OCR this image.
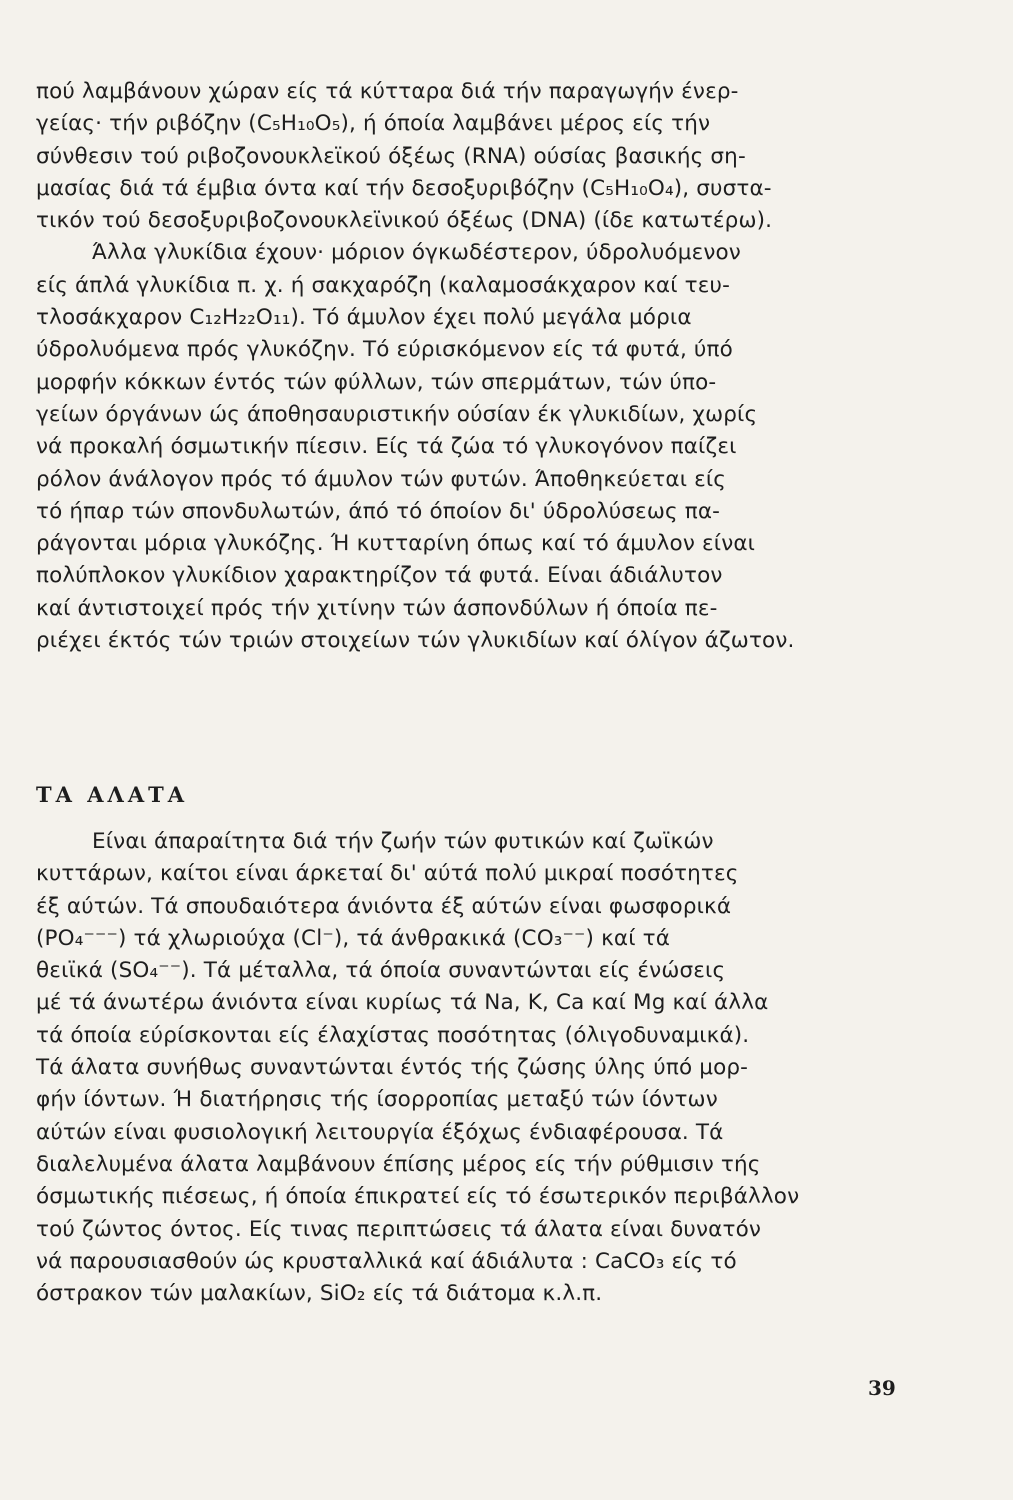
πού λαμβάνουν χώραν είς τά κύτταρα διά τήν παραγωγήν ένερ-
γείας· τήν ριβόζην (C₅H₁₀O₅), ή όποία λαμβάνει μέρος είς τήν
σύνθεσιν τού ριβοζονουκλεϊκού όξέως (RNA) ούσίας βασικής ση-
μασίας διά τά έμβια όντα καί τήν δεσοξυριβόζην (C₅H₁₀O₄), συστα-
τικόν τού δεσοξυριβοζονουκλεϊνικού όξέως (DNA) (ίδε κατωτέρω).
Άλλα γλυκίδια έχουν· μόριον όγκωδέστερον, ύδρολυόμενον
είς άπλά γλυκίδια π. χ. ή σακχαρόζη (καλαμοσάκχαρον καί τευ-
τλοσάκχαρον C₁₂H₂₂O₁₁). Τό άμυλον έχει πολύ μεγάλα μόρια
ύδρολυόμενα πρός γλυκόζην. Τό εύρισκόμενον είς τά φυτά, ύπό
μορφήν κόκκων έντός τών φύλλων, τών σπερμάτων, τών ύπο-
γείων όργάνων ώς άποθησαυριστικήν ούσίαν έκ γλυκιδίων, χωρίς
νά προκαλή όσμωτικήν πίεσιν. Είς τά ζώα τό γλυκογόνον παίζει
ρόλον άνάλογον πρός τό άμυλον τών φυτών. Άποθηκεύεται είς
τό ήπαρ τών σπονδυλωτών, άπό τό όποίον δι' ύδρολύσεως πα-
ράγονται μόρια γλυκόζης. Ή κυτταρίνη όπως καί τό άμυλον είναι
πολύπλοκον γλυκίδιον χαρακτηρίζον τά φυτά. Είναι άδιάλυτον
καί άντιστοιχεί πρός τήν χιτίνην τών άσπονδύλων ή όποία πε-
ριέχει έκτός τών τριών στοιχείων τών γλυκιδίων καί όλίγον άζωτον.
ΤΑ ΑΛΑΤΑ
Είναι άπαραίτητα διά τήν ζωήν τών φυτικών καί ζωϊκών
κυττάρων, καίτοι είναι άρκεταί δι' αύτά πολύ μικραί ποσότητες
έξ αύτών. Τά σπουδαιότερα άνιόντα έξ αύτών είναι φωσφορικά
(PO₄⁻⁻⁻) τά χλωριούχα (Cl⁻), τά άνθρακικά (CO₃⁻⁻) καί τά
θειϊκά (SO₄⁻⁻). Τά μέταλλα, τά όποία συναντώνται είς ένώσεις
μέ τά άνωτέρω άνιόντα είναι κυρίως τά Na, K, Ca καί Mg καί άλλα
τά όποία εύρίσκονται είς έλαχίστας ποσότητας (όλιγοδυναμικά).
Τά άλατα συνήθως συναντώνται έντός τής ζώσης ύλης ύπό μορ-
φήν ίόντων. Ή διατήρησις τής ίσορροπίας μεταξύ τών ίόντων
αύτών είναι φυσιολογική λειτουργία έξόχως ένδιαφέρουσα. Τά
διαλελυμένα άλατα λαμβάνουν έπίσης μέρος είς τήν ρύθμισιν τής
όσμωτικής πιέσεως, ή όποία έπικρατεί είς τό έσωτερικόν περιβάλλον
τού ζώντος όντος. Είς τινας περιπτώσεις τά άλατα είναι δυνατόν
νά παρουσιασθούν ώς κρυσταλλικά καί άδιάλυτα : CaCO₃ είς τό
όστρακον τών μαλακίων, SiO₂ είς τά διάτομα κ.λ.π.
39
